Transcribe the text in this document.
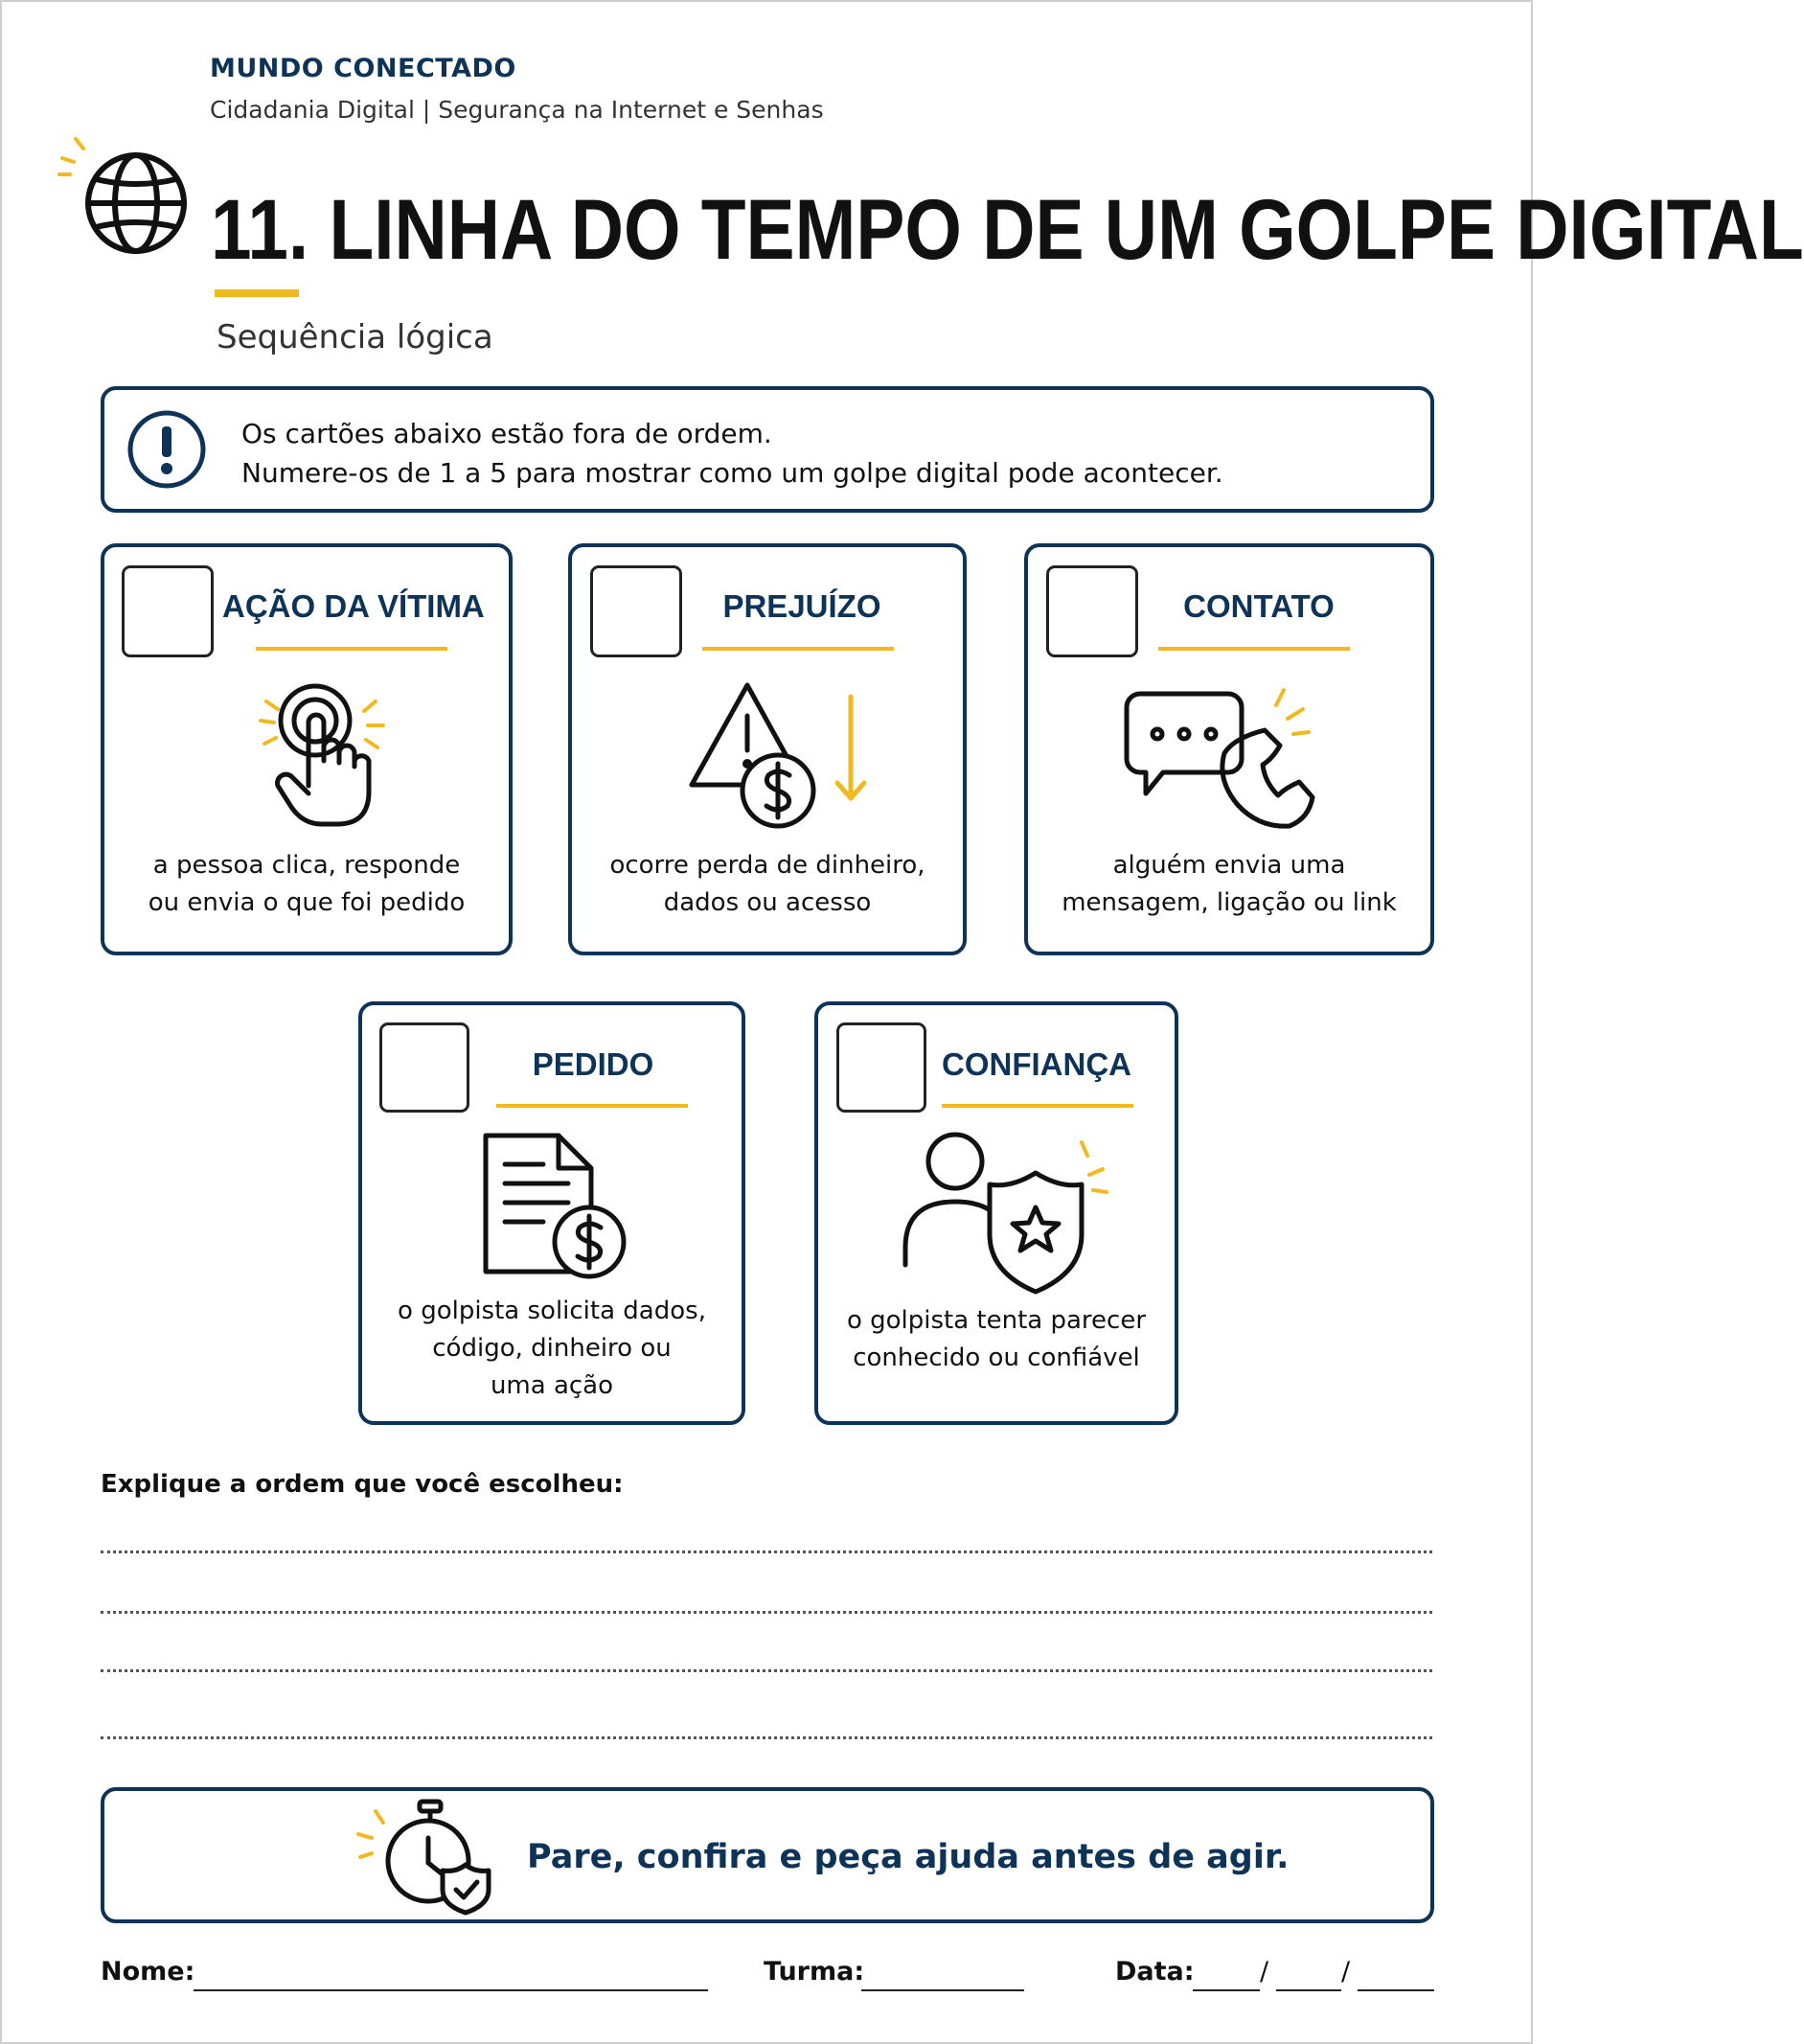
MUNDO CONECTADO
Cidadania Digital | Segurança na Internet e Senhas
11. LINHA DO TEMPO DE UM GOLPE DIGITAL
Sequência lógica
Os cartões abaixo estão fora de ordem.
Numere-os de 1 a 5 para mostrar como um golpe digital pode acontecer.
AÇÃO DA VÍTIMA
a pessoa clica, responde
ou envia o que foi pedido
PREJUÍZO
ocorre perda de dinheiro,
dados ou acesso
CONTATO
alguém envia uma
mensagem, ligação ou link
PEDIDO
o golpista solicita dados,
código, dinheiro ou
uma ação
CONFIANÇA
o golpista tenta parecer
conhecido ou confiável
Explique a ordem que você escolheu:
Pare, confira e peça ajuda antes de agir.
Nome:	Turma:	Data:	/	/
